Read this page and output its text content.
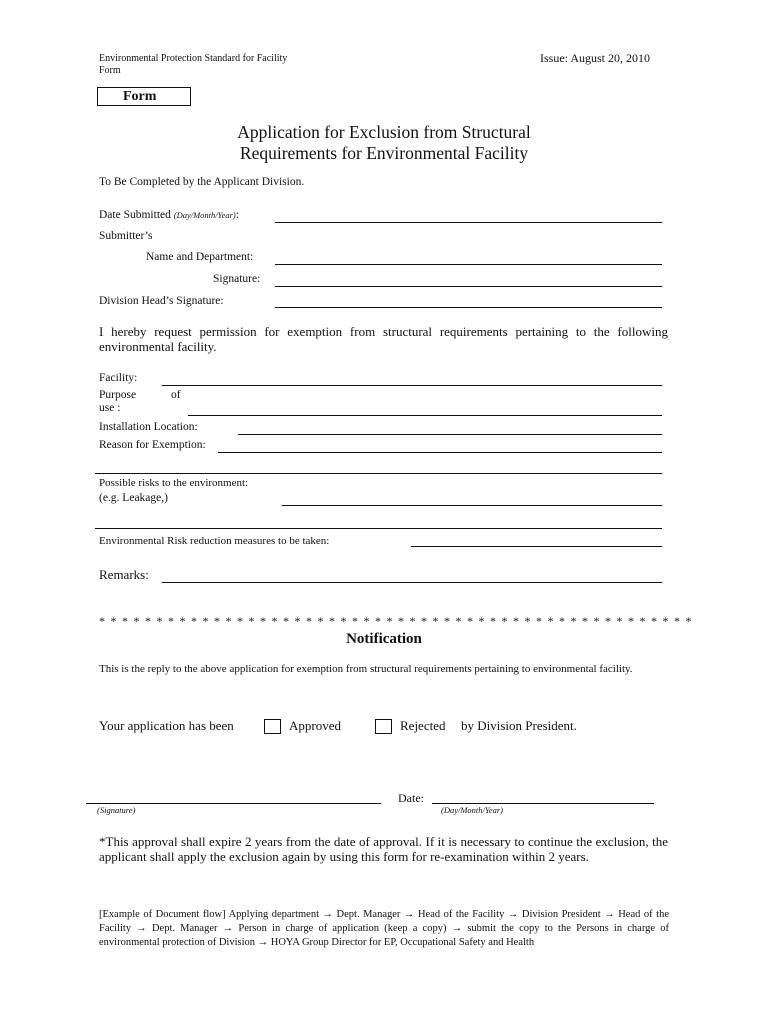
Environmental Protection Standard for Facility
Form
Issue: August 20, 2010
Form
Application for Exclusion from Structural
Requirements for Environmental Facility
To Be Completed by the Applicant Division.
Date Submitted (Day/Month/Year):
Submitter’s
Name and Department:
Signature:
Division Head’s Signature:
I hereby request permission for exemption from structural requirements pertaining to the following environmental facility.
Facility:
Purpose	of
use :
Installation Location:
Reason for Exemption:
Possible risks to the environment:
(e.g. Leakage,)
Environmental Risk reduction measures to be taken:
Remarks:
* * * * * * * * * * * * * * * * * * * * * * * * * * * * * * * * * * * * * * * * * * * * * * * * * * * *
Notification
This is the reply to the above application for exemption from structural requirements pertaining to environmental facility.
Your application has been	Approved	Rejected by Division President.
(Signature)
Date:
(Day/Month/Year)
*This approval shall expire 2 years from the date of approval. If it is necessary to continue the exclusion, the applicant shall apply the exclusion again by using this form for re-examination within 2 years.
[Example of Document flow] Applying department → Dept. Manager → Head of the Facility → Division President → Head of the Facility → Dept. Manager → Person in charge of application (keep a copy) → submit the copy to the Persons in charge of environmental protection of Division → HOYA Group Director for EP, Occupational Safety and Health
